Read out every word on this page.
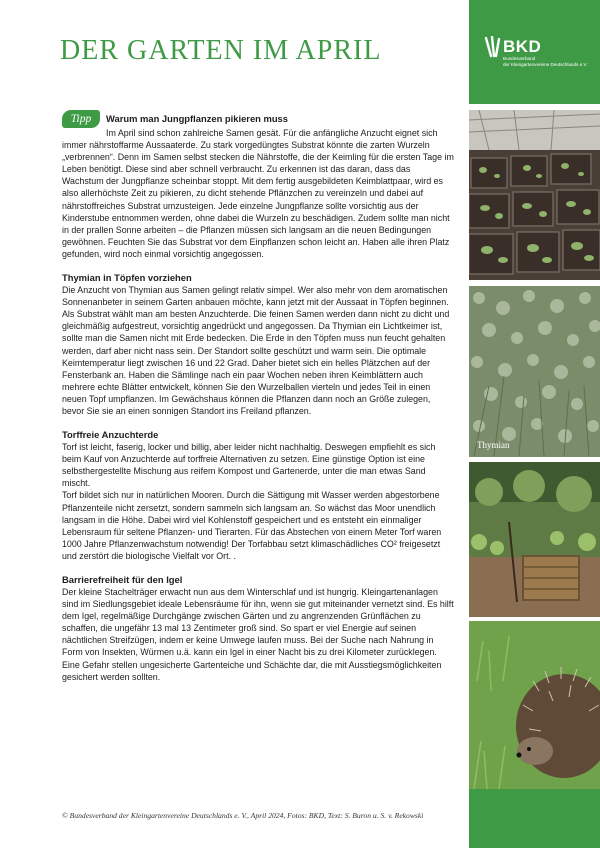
DER GARTEN IM APRIL
Tipp	Warum man Jungpflanzen pikieren muss

Im April sind schon zahlreiche Samen gesät. Für die anfängliche Anzucht eignet sich immer nährstoffarme Aussaaterde. Zu stark vorgedüngtes Substrat könnte die zarten Wurzeln „verbrennen“. Denn im Samen selbst stecken die Nährstoffe, die der Keimling für die ersten Tage im Leben benötigt. Diese sind aber schnell verbraucht. Zu erkennen ist das daran, dass das Wachstum der Jungpflanze scheinbar stoppt. Mit dem fertig ausgebildeten Keimblattpaar, wird es also allerhöchste Zeit zu pikieren, zu dicht stehende Pflänzchen zu vereinzeln und dabei auf nährstoffreiches Substrat umzusteigen. Jede einzelne Jungpflanze sollte vorsichtig aus der Kinderstube entnommen werden, ohne dabei die Wurzeln zu beschädigen. Zudem sollte man nicht in der prallen Sonne arbeiten – die Pflanzen müssen sich langsam an die neuen Bedingungen gewöhnen. Feuchten Sie das Substrat vor dem Einpflanzen schon leicht an. Haben alle ihren Platz gefunden, wird noch einmal vorsichtig angegossen.

Thymian in Töpfen vorziehen

Die Anzucht von Thymian aus Samen gelingt relativ simpel. Wer also mehr von dem aromatischen Sonnenanbeter in seinem Garten anbauen möchte, kann jetzt mit der Aussaat in Töpfen beginnen. Als Substrat wählt man am besten Anzuchterde. Die feinen Samen werden dann nicht zu dicht und gleichmäßig aufgestreut, vorsichtig angedrückt und angegossen. Da Thymian ein Lichtkeimer ist, sollte man die Samen nicht mit Erde bedecken. Die Erde in den Töpfen muss nun feucht gehalten werden, darf aber nicht nass sein. Der Standort sollte geschützt und warm sein. Die optimale Keimtemperatur liegt zwischen 16 und 22 Grad. Daher bietet sich ein helles Plätzchen auf der Fensterbank an. Haben die Sämlinge nach ein paar Wochen neben ihren Keimblättern auch mehrere echte Blätter entwickelt, können Sie den Wurzelballen vierteln und jedes Teil in einen neuen Topf umpflanzen. Im Gewächshaus können die Pflanzen dann noch an Größe zulegen, bevor Sie sie an einen sonnigen Standort ins Freiland pflanzen.

Torffreie Anzuchterde

Torf ist leicht, faserig, locker und billig, aber leider nicht nachhaltig. Deswegen empfiehlt es sich beim Kauf von Anzuchterde auf torffreie Alternativen zu setzen. Eine günstige Option ist eine selbsthergestellte Mischung aus reifem Kompost und Gartenerde, unter die man etwas Sand mischt.

Torf bildet sich nur in natürlichen Mooren. Durch die Sättigung mit Wasser werden abgestorbene Pflanzenteile nicht zersetzt, sondern sammeln sich langsam an. So wächst das Moor unendlich langsam in die Höhe. Dabei wird viel Kohlenstoff gespeichert und es entsteht ein einmaliger Lebensraum für seltene Pflanzen- und Tierarten. Für das Abstechen von einem Meter Torf waren 1000 Jahre Pflanzenwachstum notwendig! Der Torfabbau setzt klimaschädliches CO² freigesetzt und zerstört die biologische Vielfalt vor Ort. .

Barrierefreiheit für den Igel

Der kleine Stachelträger erwacht nun aus dem Winterschlaf und ist hungrig. Kleingartenanlagen sind im Siedlungsgebiet ideale Lebensräume für ihn, wenn sie gut miteinander vernetzt sind. Es hilft dem Igel, regelmäßige Durchgänge zwischen Gärten und zu angrenzenden Grünflächen zu schaffen, die ungefähr 13 mal 13 Zentimeter groß sind. So spart er viel Energie auf seinen nächtlichen Streifzügen, indem er keine Umwege laufen muss. Bei der Suche nach Nahrung in Form von Insekten, Würmen u.ä. kann ein Igel in einer Nacht bis zu drei Kilometer zurücklegen. Eine Gefahr stellen ungesicherte Gartenteiche und Schächte dar, die mit Ausstiegsmöglichkeiten gesichert werden sollten.

© Bundesverband der Kleingartenvereine Deutschlands e. V., April 2024, Fotos: BKD, Text: S. Buron u. S. v. Rekowski
BKD
Bundesverband
der Kleingartenvereine Deutschlands e.V.
Thymian
